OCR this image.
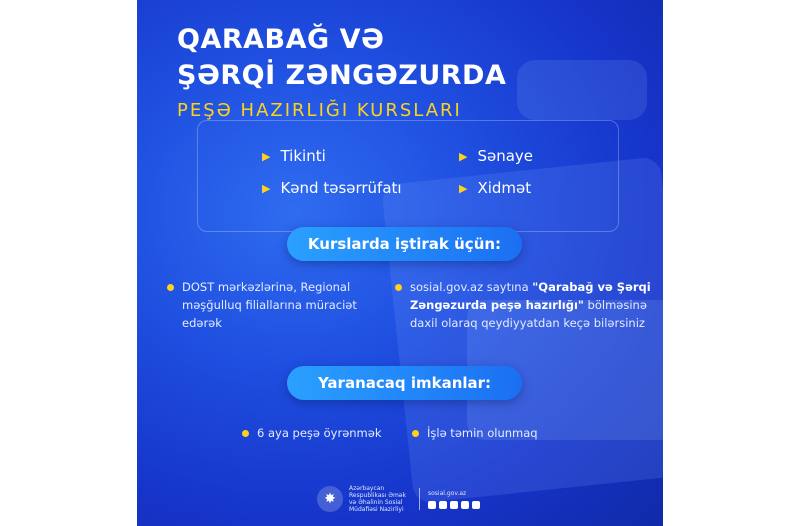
QARABAĞ VƏ
ŞƏRQİ ZƏNGƏZURDA
PEŞƏ HAZIRLIĞI KURSLARI
▶ Tikinti	▶ Sənaye
▶ Kənd təsərrüfatı	▶ Xidmət
Kurslarda iştirak üçün:
DOST mərkəzlərinə, Regional məşğulluq filiallarına müraciət edərək
sosial.gov.az saytına "Qarabağ və Şərqi Zəngəzurda peşə hazırlığı" bölməsinə daxil olaraq qeydiyyatdan keçə bilərsiniz
Yaranacaq imkanlar:
6 aya peşə öyrənmək	İşlə təmin olunmaq
✸
Azərbaycan Respublikası Əmək və Əhalinin Sosial Müdafiəsi Nazirliyi
sosial.gov.az
